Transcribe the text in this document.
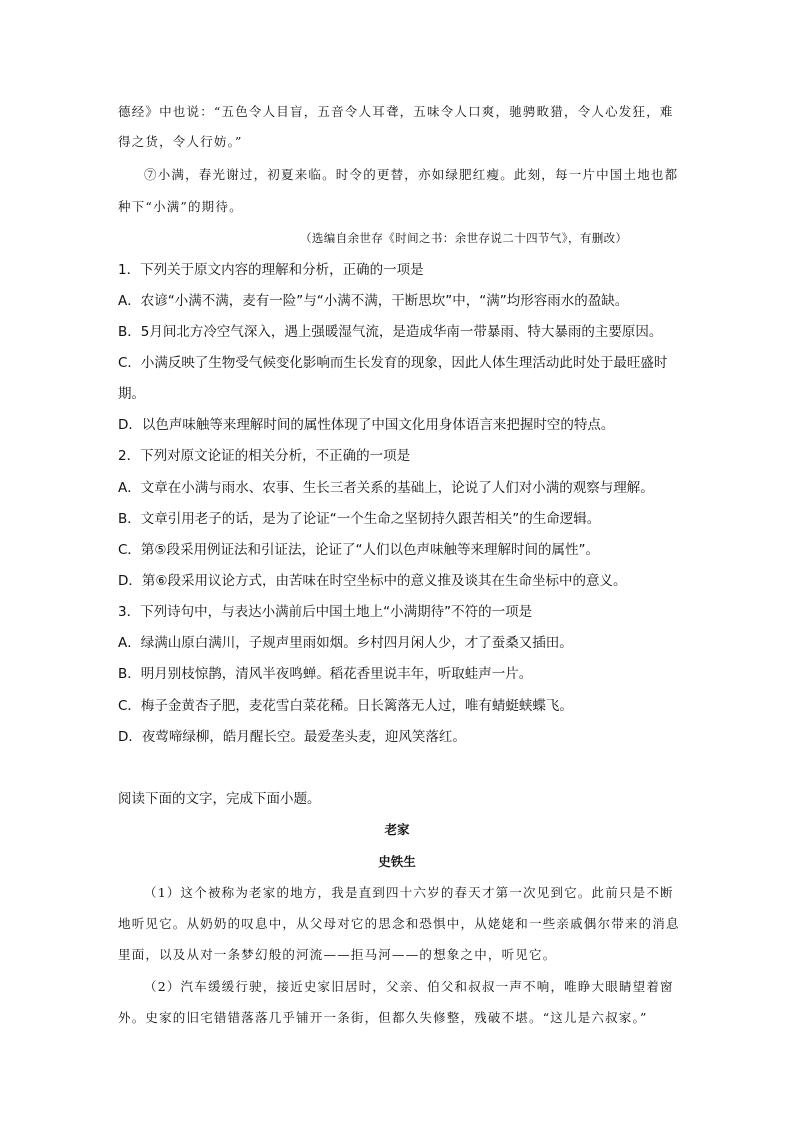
德经》中也说：“五色令人目盲，五音令人耳聋，五味令人口爽，驰骋畋猎，令人心发狂，难
得之货，令人行妨。”
⑦小满，春光谢过，初夏来临。时令的更替，亦如绿肥红瘦。此刻，每一片中国土地也都
种下“小满”的期待。
（选编自余世存《时间之书：余世存说二十四节气》，有删改）
1．下列关于原文内容的理解和分析，正确的一项是
A．农谚“小满不满，麦有一险”与“小满不满，干断思坎”中，“满”均形容雨水的盈缺。
B．5月间北方冷空气深入，遇上强暖湿气流，是造成华南一带暴雨、特大暴雨的主要原因。
C．小满反映了生物受气候变化影响而生长发育的现象，因此人体生理活动此时处于最旺盛时
期。
D．以色声味触等来理解时间的属性体现了中国文化用身体语言来把握时空的特点。
2．下列对原文论证的相关分析，不正确的一项是
A．文章在小满与雨水、农事、生长三者关系的基础上，论说了人们对小满的观察与理解。
B．文章引用老子的话，是为了论证“一个生命之坚韧持久跟苦相关”的生命逻辑。
C．第⑤段采用例证法和引证法，论证了“人们以色声味触等来理解时间的属性”。
D．第⑥段采用议论方式，由苦味在时空坐标中的意义推及谈其在生命坐标中的意义。
3．下列诗句中，与表达小满前后中国土地上“小满期待”不符的一项是
A．绿满山原白满川，子规声里雨如烟。乡村四月闲人少，才了蚕桑又插田。
B．明月别枝惊鹊，清风半夜鸣蝉。稻花香里说丰年，听取蛙声一片。
C．梅子金黄杏子肥，麦花雪白菜花稀。日长篱落无人过，唯有蜻蜓蛱蝶飞。
D．夜莺啼绿柳，皓月醒长空。最爱垄头麦，迎风笑落红。
阅读下面的文字，完成下面小题。
老家
史铁生
（1）这个被称为老家的地方，我是直到四十六岁的春天才第一次见到它。此前只是不断
地听见它。从奶奶的叹息中，从父母对它的思念和恐惧中，从姥姥和一些亲戚偶尔带来的消息
里面，以及从对一条梦幻般的河流——拒马河——的想象之中，听见它。
（2）汽车缓缓行驶，接近史家旧居时，父亲、伯父和叔叔一声不响，唯睁大眼睛望着窗
外。史家的旧宅错错落落几乎铺开一条街，但都久失修整，残破不堪。“这儿是六叔家。”
